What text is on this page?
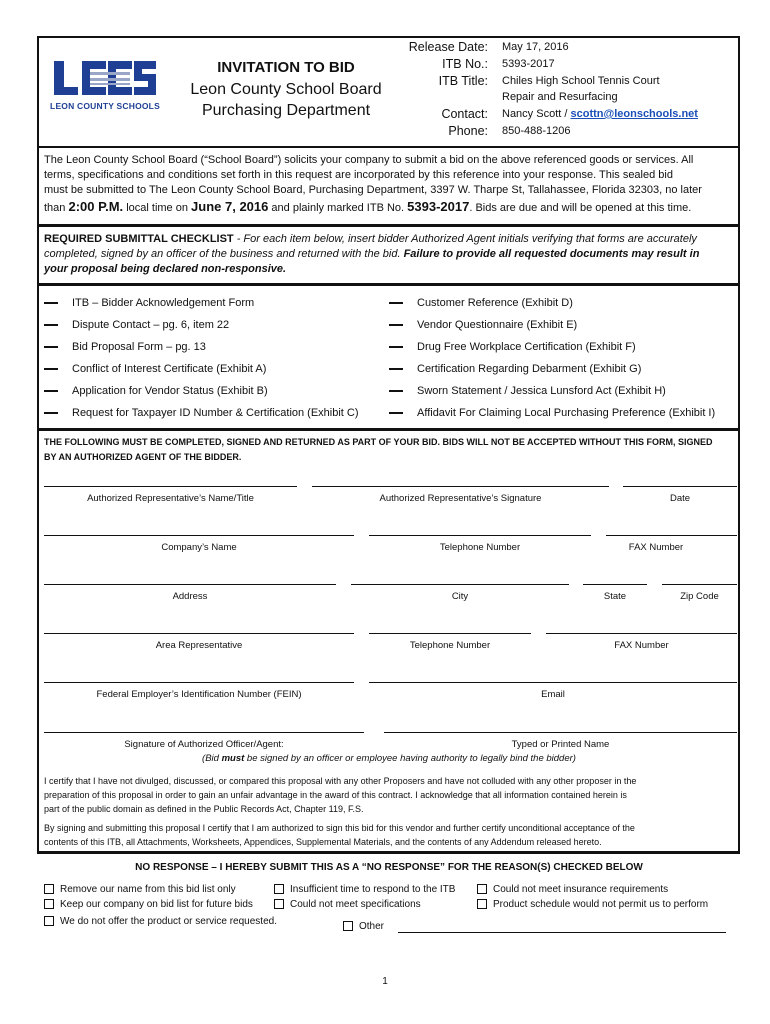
LEON COUNTY SCHOOLS
INVITATION TO BID
Leon County School Board
Purchasing Department
Release Date: May 17, 2016
ITB No.: 5393-2017
ITB Title: Chiles High School Tennis Court
Repair and Resurfacing
Contact: Nancy Scott / scottn@leonschools.net
Phone: 850-488-1206
The Leon County School Board (“School Board”) solicits your company to submit a bid on the above referenced goods or services. All
terms, specifications and conditions set forth in this request are incorporated by this reference into your response. This sealed bid
must be submitted to The Leon County School Board, Purchasing Department, 3397 W. Tharpe St, Tallahassee, Florida 32303, no later
than 2:00 P.M. local time on June 7, 2016 and plainly marked ITB No. 5393-2017. Bids are due and will be opened at this time.
REQUIRED SUBMITTAL CHECKLIST - For each item below, insert bidder Authorized Agent initials verifying that forms are accurately
completed, signed by an officer of the business and returned with the bid. Failure to provide all requested documents may result in
your proposal being declared non-responsive.
ITB – Bidder Acknowledgement Form
Dispute Contact – pg. 6, item 22
Bid Proposal Form – pg. 13
Conflict of Interest Certificate (Exhibit A)
Application for Vendor Status (Exhibit B)
Request for Taxpayer ID Number & Certification (Exhibit C)
Customer Reference (Exhibit D)
Vendor Questionnaire (Exhibit E)
Drug Free Workplace Certification (Exhibit F)
Certification Regarding Debarment (Exhibit G)
Sworn Statement / Jessica Lunsford Act (Exhibit H)
Affidavit For Claiming Local Purchasing Preference (Exhibit I)
THE FOLLOWING MUST BE COMPLETED, SIGNED AND RETURNED AS PART OF YOUR BID. BIDS WILL NOT BE ACCEPTED WITHOUT THIS FORM, SIGNED
BY AN AUTHORIZED AGENT OF THE BIDDER.
Authorized Representative’s Name/Title	Authorized Representative’s Signature	Date
Company’s Name	Telephone Number	FAX Number
Address	City	State	Zip Code
Area Representative	Telephone Number	FAX Number
Federal Employer’s Identification Number (FEIN)	Email
Signature of Authorized Officer/Agent:	Typed or Printed Name
(Bid must be signed by an officer or employee having authority to legally bind the bidder)
I certify that I have not divulged, discussed, or compared this proposal with any other Proposers and have not colluded with any other proposer in the
preparation of this proposal in order to gain an unfair advantage in the award of this contract. I acknowledge that all information contained herein is
part of the public domain as defined in the Public Records Act, Chapter 119, F.S.
By signing and submitting this proposal I certify that I am authorized to sign this bid for this vendor and further certify unconditional acceptance of the
contents of this ITB, all Attachments, Worksheets, Appendices, Supplemental Materials, and the contents of any Addendum released hereto.
NO RESPONSE – I HEREBY SUBMIT THIS AS A “NO RESPONSE” FOR THE REASON(S) CHECKED BELOW
Remove our name from this bid list only	Insufficient time to respond to the ITB	Could not meet insurance requirements
Keep our company on bid list for future bids	Could not meet specifications	Product schedule would not permit us to perform
We do not offer the product or service requested.	Other
1
